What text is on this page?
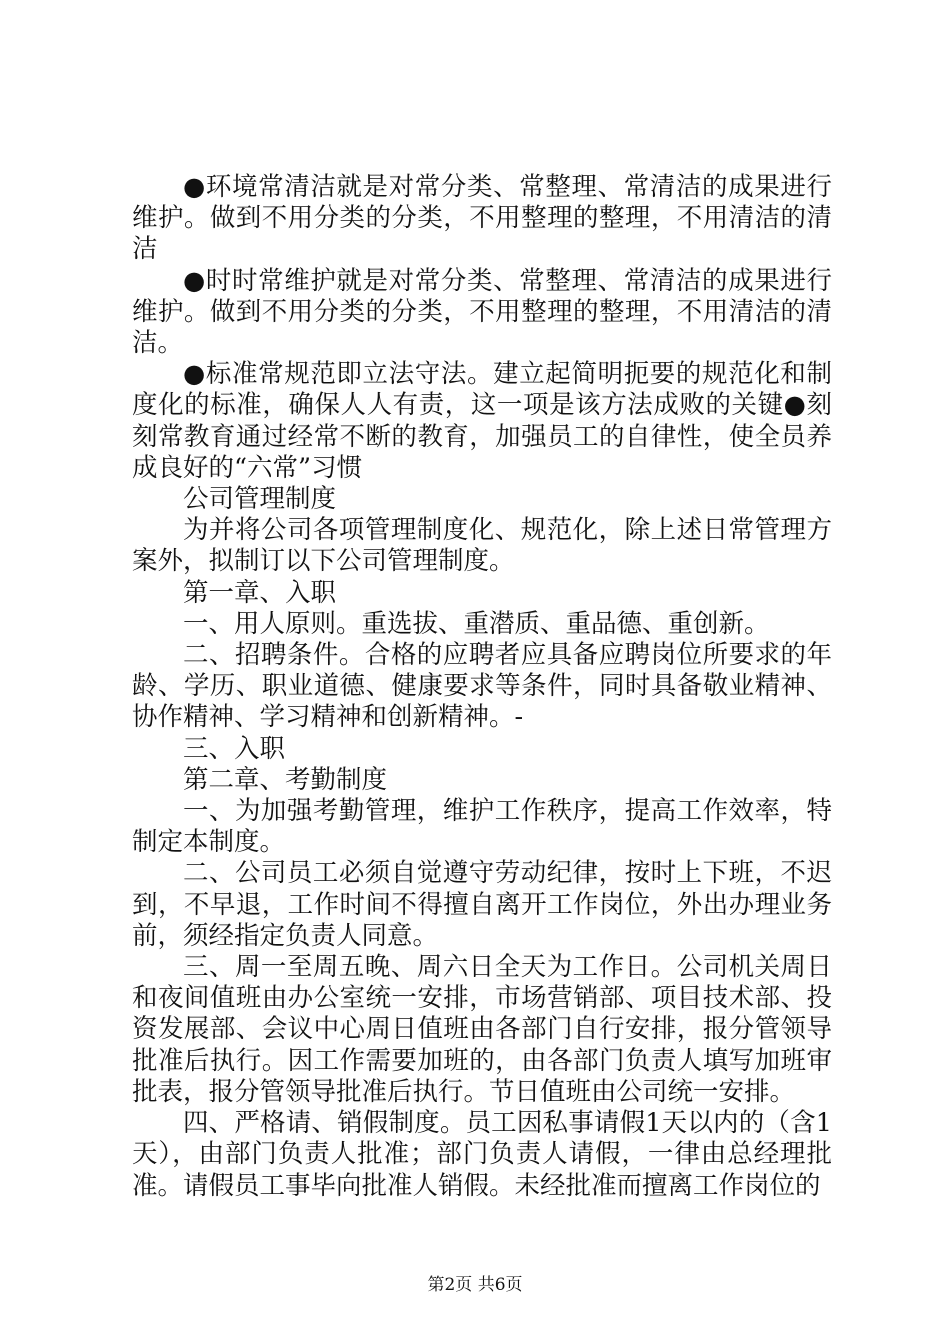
●环境常清洁就是对常分类、常整理、常清洁的成果进行维护。做到不用分类的分类，不用整理的整理，不用清洁的清洁

●时时常维护就是对常分类、常整理、常清洁的成果进行维护。做到不用分类的分类，不用整理的整理，不用清洁的清洁。

●标准常规范即立法守法。建立起简明扼要的规范化和制度化的标准，确保人人有责，这一项是该方法成败的关键●刻刻常教育通过经常不断的教育，加强员工的自律性，使全员养成良好的“六常”习惯

公司管理制度

为并将公司各项管理制度化、规范化，除上述日常管理方案外，拟制订以下公司管理制度。

第一章、入职

一、用人原则。重选拔、重潜质、重品德、重创新。

二、招聘条件。合格的应聘者应具备应聘岗位所要求的年龄、学历、职业道德、健康要求等条件，同时具备敬业精神、协作精神、学习精神和创新精神。-

三、入职

第二章、考勤制度

一、为加强考勤管理，维护工作秩序，提高工作效率，特制定本制度。

二、公司员工必须自觉遵守劳动纪律，按时上下班，不迟到，不早退，工作时间不得擅自离开工作岗位，外出办理业务前，须经指定负责人同意。

三、周一至周五晚、周六日全天为工作日。公司机关周日和夜间值班由办公室统一安排，市场营销部、项目技术部、投资发展部、会议中心周日值班由各部门自行安排，报分管领导批准后执行。因工作需要加班的，由各部门负责人填写加班审批表，报分管领导批准后执行。节日值班由公司统一安排。

四、严格请、销假制度。员工因私事请假1天以内的（含1天），由部门负责人批准；部门负责人请假，一律由总经理批准。请假员工事毕向批准人销假。未经批准而擅离工作岗位的

第2页 共6页
